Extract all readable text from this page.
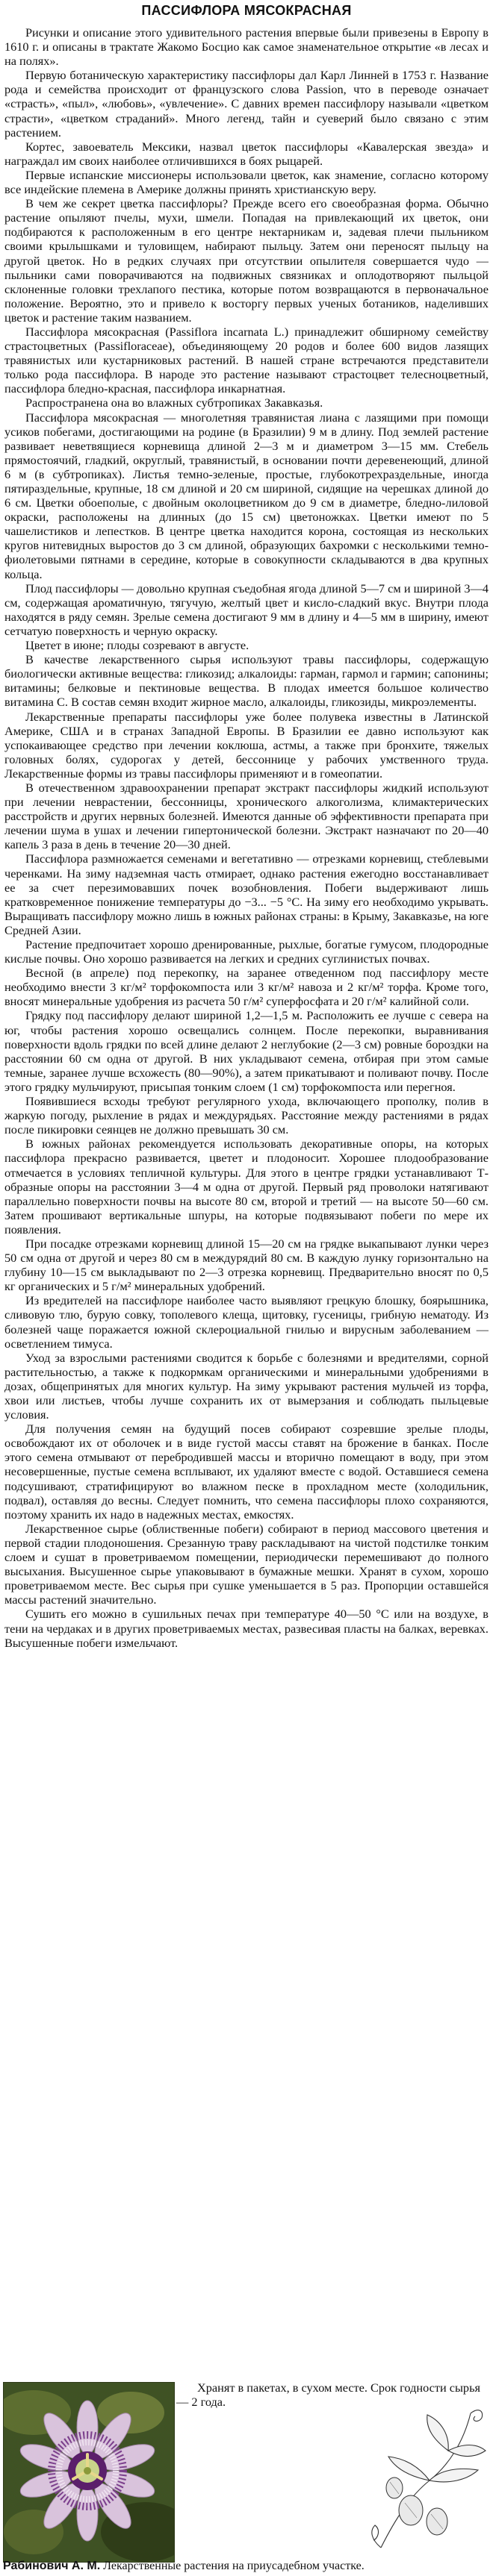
ПАССИФЛОРА МЯСОКРАСНАЯ

Рисунки и описание этого удивительного растения впервые были привезены в Европу в 1610 г. и описаны в трактате Жакомо Босцио как самое знаменательное открытие «в лесах и на полях».

Первую ботаническую характеристику пассифлоры дал Карл Линней в 1753 г. Название рода и семейства происходит от французского слова Passion, что в переводе означает «страсть», «пыл», «любовь», «увлечение». С давних времен пассифлору называли «цветком страсти», «цветком страданий». Много легенд, тайн и суеверий было связано с этим растением.

Кортес, завоеватель Мексики, назвал цветок пассифлоры «Кавалерская звезда» и награждал им своих наиболее отличившихся в боях рыцарей.

Первые испанские миссионеры использовали цветок, как знамение, согласно которому все индейские племена в Америке должны принять христианскую веру.

В чем же секрет цветка пассифлоры? Прежде всего его своеобразная форма. Обычно растение опыляют пчелы, мухи, шмели. Попадая на привлекающий их цветок, они подбираются к расположенным в его центре нектарникам и, задевая плечи пыльником своими крылышками и туловищем, набирают пыльцу. Затем они переносят пыльцу на другой цветок. Но в редких случаях при отсутствии опылителя совершается чудо — пыльники сами поворачиваются на подвижных связниках и оплодотворяют пыльцой склоненные головки трехлапого пестика, которые потом возвращаются в первоначальное положение. Вероятно, это и привело к восторгу первых ученых ботаников, наделивших цветок и растение таким названием.

Пассифлора мясокрасная (Passiflora incarnata L.) принадлежит обширному семейству страстоцветных (Passifloraceae), объединяющему 20 родов и более 600 видов лазящих травянистых или кустарниковых растений. В нашей стране встречаются представители только рода пассифлора. В народе это растение называют страстоцвет телесноцветный, пассифлора бледно-красная, пассифлора инкарнатная.

Распространена она во влажных субтропиках Закавказья.

Пассифлора мясокрасная — многолетняя травянистая лиана с лазящими при помощи усиков побегами, достигающими на родине (в Бразилии) 9 м в длину. Под землей растение развивает неветвящиеся корневища длиной 2—3 м и диаметром 3—15 мм. Стебель прямостоячий, гладкий, округлый, травянистый, в основании почти деревенеющий, длиной 6 м (в субтропиках). Листья темно-зеленые, простые, глубокотрехраздельные, иногда пятираздельные, крупные, 18 см длиной и 20 см шириной, сидящие на черешках длиной до 6 см. Цветки обоеполые, с двойным околоцветником до 9 см в диаметре, бледно-лиловой окраски, расположены на длинных (до 15 см) цветоножках. Цветки имеют по 5 чашелистиков и лепестков. В центре цветка находится корона, состоящая из нескольких кругов нитевидных выростов до 3 см длиной, образующих бахромки с несколькими темно-фиолетовыми пятнами в середине, которые в совокупности складываются в два крупных кольца.

Плод пассифлоры — довольно крупная съедобная ягода длиной 5—7 см и шириной 3—4 см, содержащая ароматичную, тягучую, желтый цвет и кисло-сладкий вкус. Внутри плода находятся в ряду семян. Зрелые семена достигают 9 мм в длину и 4—5 мм в ширину, имеют сетчатую поверхность и черную окраску.

Цветет в июне; плоды созревают в августе.

В качестве лекарственного сырья используют травы пассифлоры, содержащую биологически активные вещества: гликозид; алкалоиды: гарман, гармол и гармин; сапонины; витамины; белковые и пектиновые вещества. В плодах имеется большое количество витамина С. В состав семян входит жирное масло, алкалоиды, гликозиды, микроэлементы.

Лекарственные препараты пассифлоры уже более полувека известны в Латинской Америке, США и в странах Западной Европы. В Бразилии ее давно используют как успокаивающее средство при лечении коклюша, астмы, а также при бронхите, тяжелых головных болях, судорогах у детей, бессоннице у рабочих умственного труда. Лекарственные формы из травы пассифлоры применяют и в гомеопатии.

В отечественном здравоохранении препарат экстракт пассифлоры жидкий используют при лечении неврастении, бессонницы, хронического алкоголизма, климактерических расстройств и других нервных болезней. Имеются данные об эффективности препарата при лечении шума в ушах и лечении гипертонической болезни. Экстракт назначают по 20—40 капель 3 раза в день в течение 20—30 дней.

Пассифлора размножается семенами и вегетативно — отрезками корневищ, стеблевыми черенками. На зиму надземная часть отмирает, однако растения ежегодно восстанавливает ее за счет перезимовавших почек возобновления. Побеги выдерживают лишь кратковременное понижение температуры до −3... −5 °С. На зиму его необходимо укрывать. Выращивать пассифлору можно лишь в южных районах страны: в Крыму, Закавказье, на юге Средней Азии.

Растение предпочитает хорошо дренированные, рыхлые, богатые гумусом, плодородные кислые почвы. Оно хорошо развивается на легких и средних суглинистых почвах.

Весной (в апреле) под перекопку, на заранее отведенном под пассифлору месте необходимо внести 3 кг/м² торфокомпоста или 3 кг/м² навоза и 2 кг/м² торфа. Кроме того, вносят минеральные удобрения из расчета 50 г/м² суперфосфата и 20 г/м² калийной соли.

Грядку под пассифлору делают шириной 1,2—1,5 м. Расположить ее лучше с севера на юг, чтобы растения хорошо освещались солнцем. После перекопки, выравнивания поверхности вдоль грядки по всей длине делают 2 неглубокие (2—3 см) ровные бороздки на расстоянии 60 см одна от другой. В них укладывают семена, отбирая при этом самые темные, заранее лучше всхожесть (80—90%), а затем прикатывают и поливают почву. После этого грядку мульчируют, присыпая тонким слоем (1 см) торфокомпоста или перегноя.

Появившиеся всходы требуют регулярного ухода, включающего прополку, полив в жаркую погоду, рыхление в рядах и междурядьях. Расстояние между растениями в рядах после пикировки сеянцев не должно превышать 30 см.

В южных районах рекомендуется использовать декоративные опоры, на которых пассифлора прекрасно развивается, цветет и плодоносит. Хорошее плодообразование отмечается в условиях тепличной культуры. Для этого в центре грядки устанавливают Т-образные опоры на расстоянии 3—4 м одна от другой. Первый ряд проволоки натягивают параллельно поверхности почвы на высоте 80 см, второй и третий — на высоте 50—60 см. Затем прошивают вертикальные шпуры, на которые подвязывают побеги по мере их появления.

При посадке отрезками корневищ длиной 15—20 см на грядке выкапывают лунки через 50 см одна от другой и через 80 см в междурядий 80 см. В каждую лунку горизонтально на глубину 10—15 см выкладывают по 2—3 отрезка корневищ. Предварительно вносят по 0,5 кг органических и 5 г/м² минеральных удобрений.

Из вредителей на пассифлоре наиболее часто выявляют грецкую блошку, боярышника, сливовую тлю, бурую совку, тополевого клеща, щитовку, гусеницы, грибную нематоду. Из болезней чаще поражается южной склероциальной гнилью и вирусным заболеванием — осветлением тимуса.

Уход за взрослыми растениями сводится к борьбе с болезнями и вредителями, сорной растительностью, а также к подкормкам органическими и минеральными удобрениями в дозах, общепринятых для многих культур. На зиму укрывают растения мульчей из торфа, хвои или листьев, чтобы лучше сохранить их от вымерзания и соблюдать пыльцевые условия.

Для получения семян на будущий посев собирают созревшие зрелые плоды, освобождают их от оболочек и в виде густой массы ставят на брожение в банках. После этого семена отмывают от перебродившей массы и вторично помещают в воду, при этом несовершенные, пустые семена всплывают, их удаляют вместе с водой. Оставшиеся семена подсушивают, стратифицируют во влажном песке в прохладном месте (холодильник, подвал), оставляя до весны. Следует помнить, что семена пассифлоры плохо сохраняются, поэтому хранить их надо в надежных местах, емкостях.

Лекарственное сырье (облиственные побеги) собирают в период массового цветения и первой стадии плодоношения. Срезанную траву раскладывают на чистой подстилке тонким слоем и сушат в проветриваемом помещении, периодически перемешивают до полного высыхания. Высушенное сырье упаковывают в бумажные мешки. Хранят в сухом, хорошо проветриваемом месте. Вес сырья при сушке уменьшается в 5 раз. Пропорции оставшейся массы растений значительно.

Сушить его можно в сушильных печах при температуре 40—50 °С или на воздухе, в тени на чердаках и в других проветриваемых местах, развесивая пласты на балках, веревках. Высушенные побеги измельчают.

Хранят в пакетах, в сухом месте. Срок годности сырья — 2 года.
Рабинович А. М. Лекарственные растения на приусадебном участке.
